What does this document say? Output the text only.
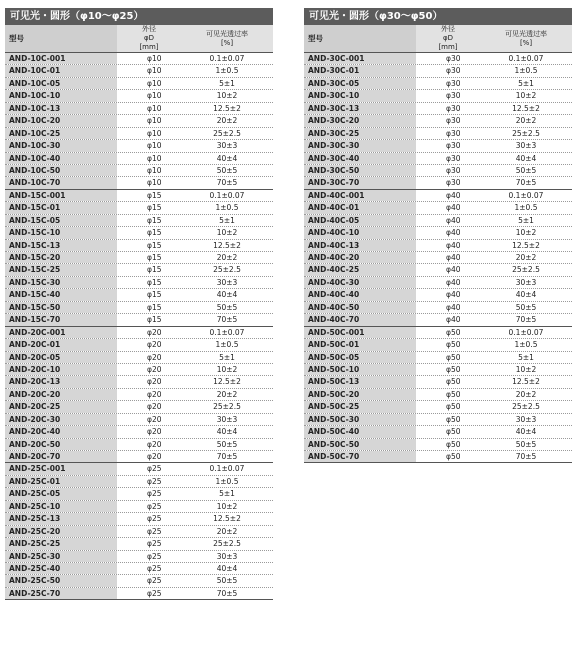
可见光・圆形（φ10〜φ25）
型号
外径
φD
[mm]
可见光透过率
[%]
AND-10C-001	φ10	0.1±0.07
AND-10C-01	φ10	1±0.5
AND-10C-05	φ10	5±1
AND-10C-10	φ10	10±2
AND-10C-13	φ10	12.5±2
AND-10C-20	φ10	20±2
AND-10C-25	φ10	25±2.5
AND-10C-30	φ10	30±3
AND-10C-40	φ10	40±4
AND-10C-50	φ10	50±5
AND-10C-70	φ10	70±5
AND-15C-001	φ15	0.1±0.07
AND-15C-01	φ15	1±0.5
AND-15C-05	φ15	5±1
AND-15C-10	φ15	10±2
AND-15C-13	φ15	12.5±2
AND-15C-20	φ15	20±2
AND-15C-25	φ15	25±2.5
AND-15C-30	φ15	30±3
AND-15C-40	φ15	40±4
AND-15C-50	φ15	50±5
AND-15C-70	φ15	70±5
AND-20C-001	φ20	0.1±0.07
AND-20C-01	φ20	1±0.5
AND-20C-05	φ20	5±1
AND-20C-10	φ20	10±2
AND-20C-13	φ20	12.5±2
AND-20C-20	φ20	20±2
AND-20C-25	φ20	25±2.5
AND-20C-30	φ20	30±3
AND-20C-40	φ20	40±4
AND-20C-50	φ20	50±5
AND-20C-70	φ20	70±5
AND-25C-001	φ25	0.1±0.07
AND-25C-01	φ25	1±0.5
AND-25C-05	φ25	5±1
AND-25C-10	φ25	10±2
AND-25C-13	φ25	12.5±2
AND-25C-20	φ25	20±2
AND-25C-25	φ25	25±2.5
AND-25C-30	φ25	30±3
AND-25C-40	φ25	40±4
AND-25C-50	φ25	50±5
AND-25C-70	φ25	70±5
可见光・圆形（φ30〜φ50）
型号
外径
φD
[mm]
可见光透过率
[%]
AND-30C-001	φ30	0.1±0.07
AND-30C-01	φ30	1±0.5
AND-30C-05	φ30	5±1
AND-30C-10	φ30	10±2
AND-30C-13	φ30	12.5±2
AND-30C-20	φ30	20±2
AND-30C-25	φ30	25±2.5
AND-30C-30	φ30	30±3
AND-30C-40	φ30	40±4
AND-30C-50	φ30	50±5
AND-30C-70	φ30	70±5
AND-40C-001	φ40	0.1±0.07
AND-40C-01	φ40	1±0.5
AND-40C-05	φ40	5±1
AND-40C-10	φ40	10±2
AND-40C-13	φ40	12.5±2
AND-40C-20	φ40	20±2
AND-40C-25	φ40	25±2.5
AND-40C-30	φ40	30±3
AND-40C-40	φ40	40±4
AND-40C-50	φ40	50±5
AND-40C-70	φ40	70±5
AND-50C-001	φ50	0.1±0.07
AND-50C-01	φ50	1±0.5
AND-50C-05	φ50	5±1
AND-50C-10	φ50	10±2
AND-50C-13	φ50	12.5±2
AND-50C-20	φ50	20±2
AND-50C-25	φ50	25±2.5
AND-50C-30	φ50	30±3
AND-50C-40	φ50	40±4
AND-50C-50	φ50	50±5
AND-50C-70	φ50	70±5
